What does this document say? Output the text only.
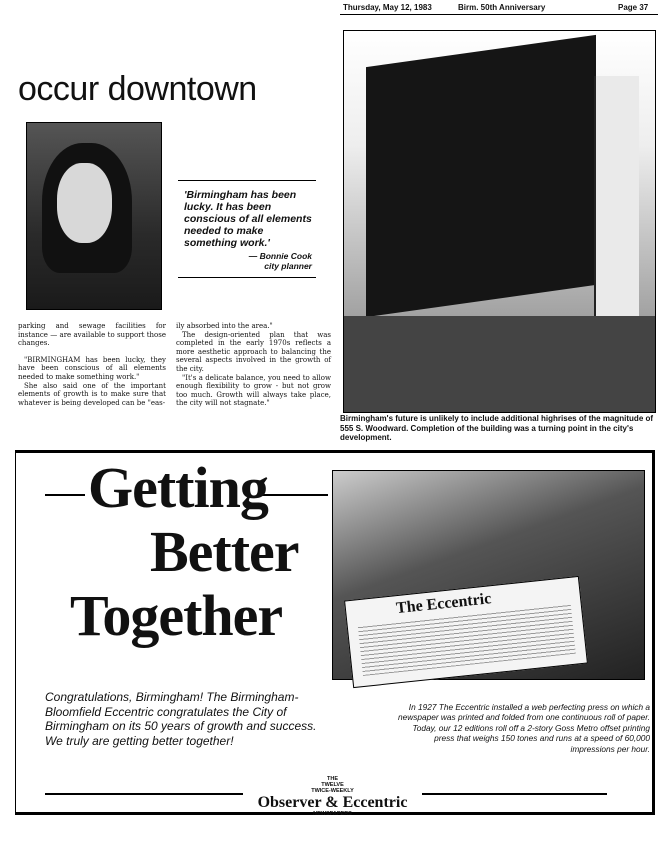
Thursday, May 12, 1983	Birm. 50th Anniversary	Page 37
occur downtown
'Birmingham has been lucky. It has been conscious of all elements needed to make something work.'
— Bonnie Cook
city planner

parking and sewage facilities for instance — are available to support those changes.

"BIRMINGHAM has been lucky, they have been conscious of all elements needed to make something work."

She also said one of the important elements of growth is to make sure that whatever is being developed can be "eas-

ily absorbed into the area."

The design-oriented plan that was completed in the early 1970s reflects a more aesthetic approach to balancing the several aspects involved in the growth of the city.

"It's a delicate balance, you need to allow enough flexibility to grow - but not grow too much. Growth will always take place, the city will not stagnate."

Birmingham's future is unlikely to include additional highrises of the magnitude of 555 S. Woodward. Completion of the building was a turning point in the city's development.
The Eccentric
Getting
Better
Together
Congratulations, Birmingham! The Birmingham-Bloomfield Eccentric congratulates the City of Birmingham on its 50 years of growth and success. We truly are getting better together!
In 1927 The Eccentric installed a web perfecting press on which a newspaper was printed and folded from one continuous roll of paper. Today, our 12 editions roll off a 2-story Goss Metro offset printing press that weighs 150 tones and runs at a speed of 60,000 impressions per hour.
THE
TWELVE
TWICE-WEEKLY
Observer & Eccentric
NEWSPAPERS
